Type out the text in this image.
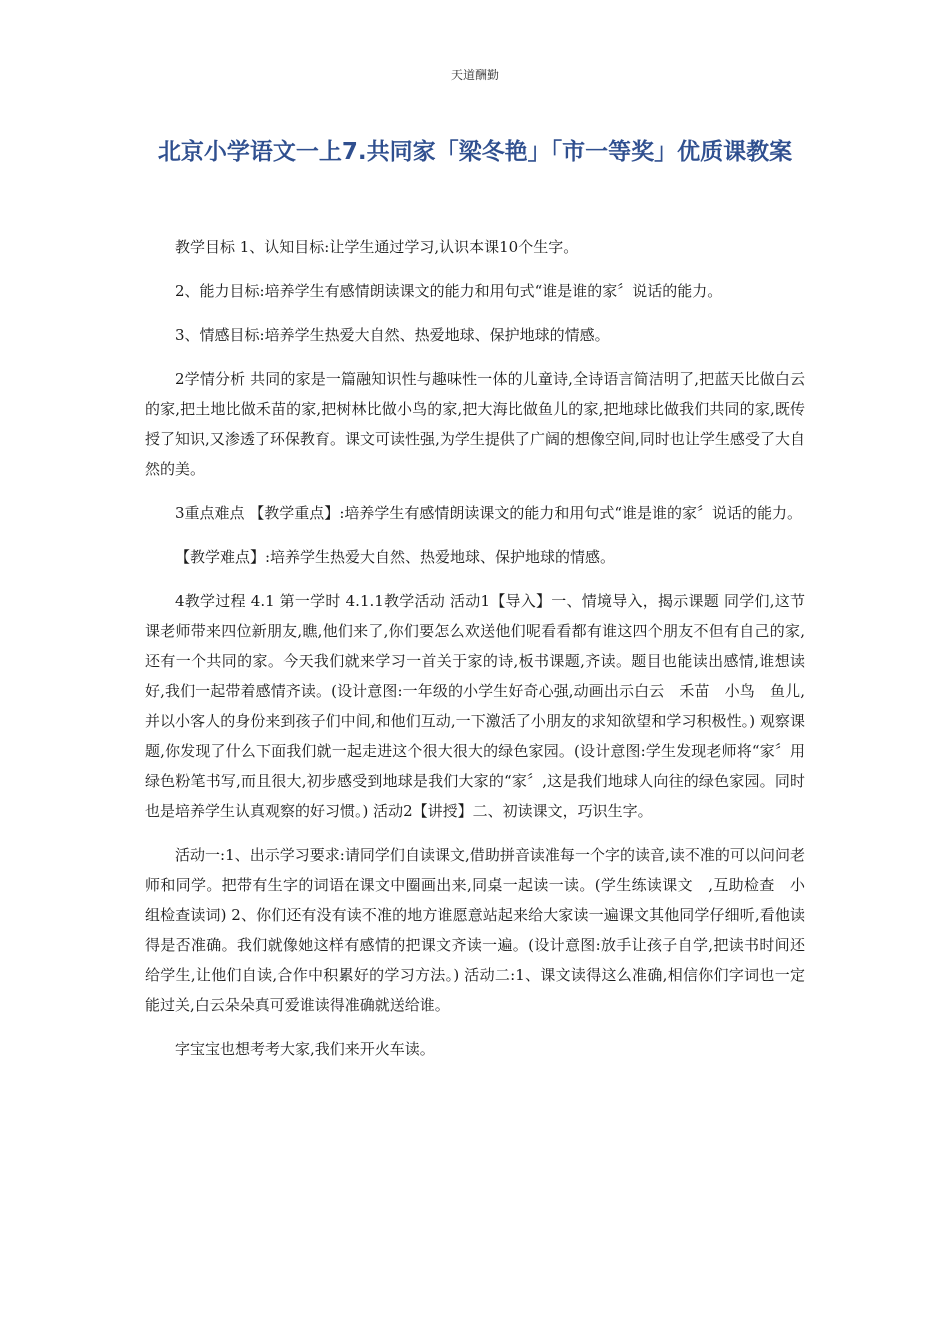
天道酬勤
北京小学语文一上7.共同家「梁冬艳」「市一等奖」优质课教案

教学目标 1、认知目标:让学生通过学习,认识本课10个生字。

2、能力目标:培养学生有感情朗读课文的能力和用句式“谁是谁的家〞说话的能力。

3、情感目标:培养学生热爱大自然、热爱地球、保护地球的情感。

2学情分析 共同的家是一篇融知识性与趣味性一体的儿童诗,全诗语言简洁明了,把蓝天比做白云的家,把土地比做禾苗的家,把树林比做小鸟的家,把大海比做鱼儿的家,把地球比做我们共同的家,既传授了知识,又渗透了环保教育。课文可读性强,为学生提供了广阔的想像空间,同时也让学生感受了大自然的美。

3重点难点 【教学重点】:培养学生有感情朗读课文的能力和用句式“谁是谁的家〞说话的能力。

【教学难点】:培养学生热爱大自然、热爱地球、保护地球的情感。

4教学过程 4.1 第一学时 4.1.1教学活动 活动1【导入】一、情境导入，揭示课题 同学们,这节课老师带来四位新朋友,瞧,他们来了,你们要怎么欢送他们呢看看都有谁这四个朋友不但有自己的家,还有一个共同的家。今天我们就来学习一首关于家的诗,板书课题,齐读。题目也能读出感情,谁想读好,我们一起带着感情齐读。(设计意图:一年级的小学生好奇心强,动画出示白云　禾苗　小鸟　鱼儿,并以小客人的身份来到孩子们中间,和他们互动,一下激活了小朋友的求知欲望和学习积极性。) 观察课题,你发现了什么下面我们就一起走进这个很大很大的绿色家园。(设计意图:学生发现老师将“家〞用绿色粉笔书写,而且很大,初步感受到地球是我们大家的“家〞,这是我们地球人向往的绿色家园。同时也是培养学生认真观察的好习惯。) 活动2【讲授】二、初读课文，巧识生字。

活动一:1、出示学习要求:请同学们自读课文,借助拼音读准每一个字的读音,读不准的可以问问老师和同学。把带有生字的词语在课文中圈画出来,同桌一起读一读。(学生练读课文　,互助检查　小组检查读词) 2、你们还有没有读不准的地方谁愿意站起来给大家读一遍课文其他同学仔细听,看他读得是否准确。我们就像她这样有感情的把课文齐读一遍。(设计意图:放手让孩子自学,把读书时间还给学生,让他们自读,合作中积累好的学习方法。) 活动二:1、课文读得这么准确,相信你们字词也一定能过关,白云朵朵真可爱谁读得准确就送给谁。

字宝宝也想考考大家,我们来开火车读。
